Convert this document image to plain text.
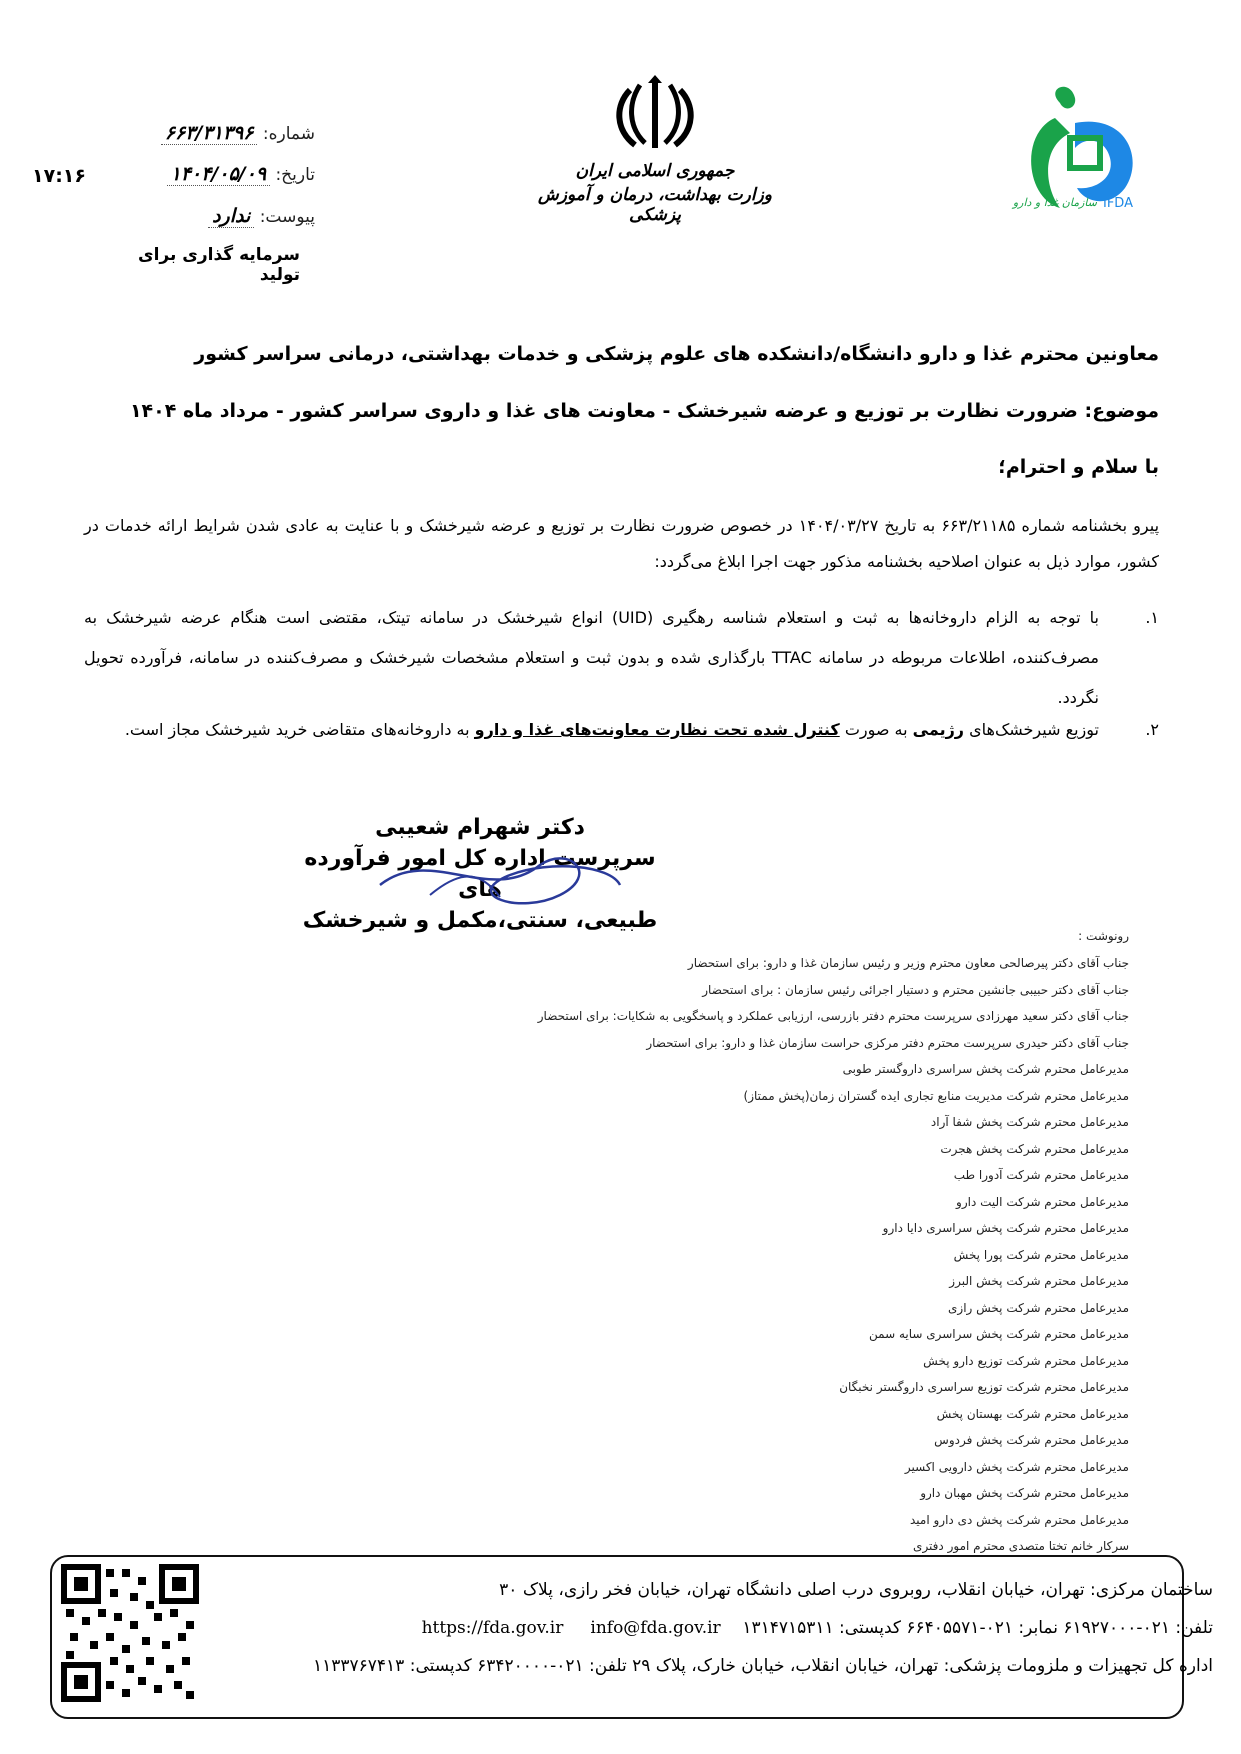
سازمان غذا و دارو IFDA
جمهوری اسلامی ایران
وزارت بهداشت، درمان و آموزش پزشکی
شماره: ۶۶۳/۳۱۳۹۶
تاریخ: ۱۴۰۴/۰۵/۰۹
۱۷:۱۶
پیوست: ندارد
سرمایه گذاری برای تولید
معاونین محترم غذا و دارو دانشگاه/دانشکده های علوم پزشکی و خدمات بهداشتی، درمانی سراسر کشور
موضوع: ضرورت نظارت بر توزیع و عرضه شیرخشک - معاونت های غذا و داروی سراسر کشور - مرداد ماه ۱۴۰۴
با سلام و احترام؛
پیرو بخشنامه شماره ۶۶۳/۲۱۱۸۵ به تاریخ ۱۴۰۴/۰۳/۲۷ در خصوص ضرورت نظارت بر توزیع و عرضه شیرخشک و با عنایت به عادی شدن شرایط ارائه خدمات در کشور، موارد ذیل به عنوان اصلاحیه بخشنامه مذکور جهت اجرا ابلاغ می‌گردد:
۱.
با توجه به الزام داروخانه‌ها به ثبت و استعلام شناسه رهگیری (UID) انواع شیرخشک در سامانه تیتک، مقتضی است هنگام عرضه شیرخشک به مصرف‌کننده، اطلاعات مربوطه در سامانه TTAC بارگذاری شده و بدون ثبت و استعلام مشخصات شیرخشک و مصرف‌کننده در سامانه، فرآورده تحویل نگردد.
۲.
توزیع شیرخشک‌های رژیمی به صورت کنترل شده تحت نظارت معاونت‌های غذا و دارو به داروخانه‌های متقاضی خرید شیرخشک مجاز است.
دکتر شهرام شعیبی
سرپرست اداره کل امور فرآورده های
طبیعی، سنتی،مکمل و شیرخشک
رونوشت :
جناب آقای دکتر پیرصالحی معاون محترم وزیر و رئیس سازمان غذا و دارو: برای استحضار
جناب آقای دکتر حبیبی جانشین محترم و دستیار اجرائی رئیس سازمان : برای استحضار
جناب آقای دکتر سعید مهرزادی سرپرست محترم دفتر بازرسی، ارزیابی عملکرد و پاسخگویی به شکایات: برای استحضار
جناب آقای دکتر حیدری سرپرست محترم دفتر مرکزی حراست سازمان غذا و دارو: برای استحضار
مدیرعامل محترم شرکت پخش سراسری داروگستر طوبی
مدیرعامل محترم شرکت مدیریت منابع تجاری ایده گستران زمان(پخش ممتاز)
مدیرعامل محترم شرکت پخش شفا آراد
مدیرعامل محترم شرکت پخش هجرت
مدیرعامل محترم شرکت آدورا طب
مدیرعامل محترم شرکت الیت دارو
مدیرعامل محترم شرکت پخش سراسری دایا دارو
مدیرعامل محترم شرکت پورا پخش
مدیرعامل محترم شرکت پخش البرز
مدیرعامل محترم شرکت پخش رازی
مدیرعامل محترم شرکت پخش سراسری سایه سمن
مدیرعامل محترم شرکت توزیع دارو پخش
مدیرعامل محترم شرکت توزیع سراسری داروگستر نخبگان
مدیرعامل محترم شرکت بهستان پخش
مدیرعامل محترم شرکت پخش فردوس
مدیرعامل محترم شرکت پخش دارویی اکسیر
مدیرعامل محترم شرکت پخش مهبان دارو
مدیرعامل محترم شرکت پخش دی دارو امید
سرکار خانم تختا متصدی محترم امور دفتری
ساختمان مرکزی: تهران، خیابان انقلاب، روبروی درب اصلی دانشگاه تهران، خیابان فخر رازی، پلاک ۳۰
تلفن: ۰۲۱-۶۱۹۲۷۰۰۰ نمابر: ۰۲۱-۶۶۴۰۵۵۷۱ کدپستی: ۱۳۱۴۷۱۵۳۱۱    info@fda.gov.ir     https://fda.gov.ir
اداره کل تجهیزات و ملزومات پزشکی: تهران، خیابان انقلاب، خیابان خارک، پلاک ۲۹ تلفن: ۰۲۱-۶۳۴۲۰۰۰۰ کدپستی: ۱۱۳۳۷۶۷۴۱۳
